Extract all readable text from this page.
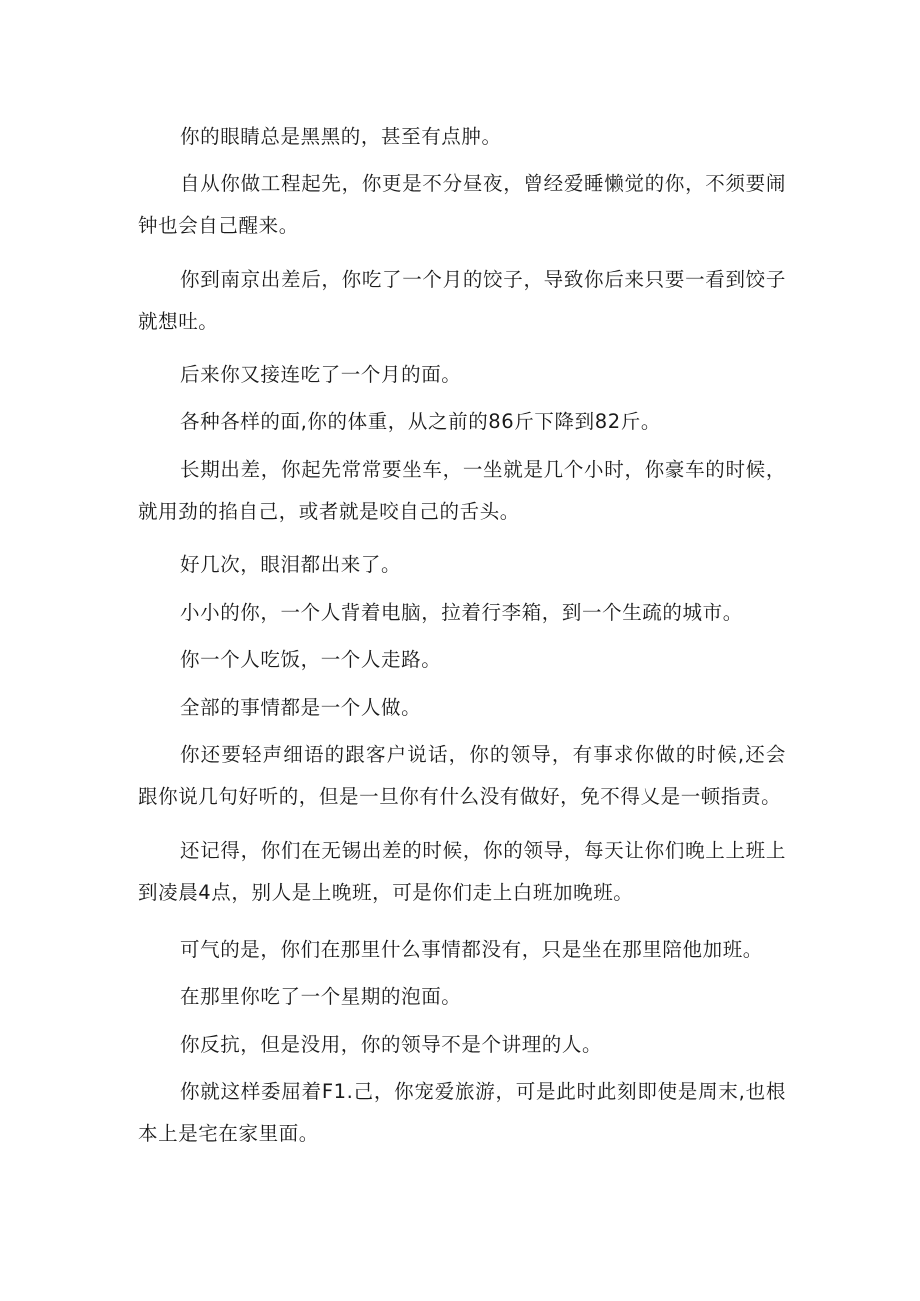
你的眼睛总是黑黑的，甚至有点肿。

自从你做工程起先，你更是不分昼夜，曾经爱睡懒觉的你，不须要闹钟也会自己醒来。

你到南京出差后，你吃了一个月的饺子，导致你后来只要一看到饺子就想吐。

后来你又接连吃了一个月的面。

各种各样的面,你的体重，从之前的86斤下降到82斤。

长期出差，你起先常常要坐车，一坐就是几个小时，你豪车的时候，就用劲的掐自己，或者就是咬自己的舌头。

好几次，眼泪都出来了。

小小的你，一个人背着电脑，拉着行李箱，到一个生疏的城市。

你一个人吃饭，一个人走路。

全部的事情都是一个人做。

你还要轻声细语的跟客户说话，你的领导，有事求你做的时候,还会跟你说几句好听的，但是一旦你有什么没有做好，免不得乂是一顿指责。

还记得，你们在无锡出差的时候，你的领导，每天让你们晚上上班上到凌晨4点，别人是上晚班，可是你们走上白班加晚班。

可气的是，你们在那里什么事情都没有，只是坐在那里陪他加班。

在那里你吃了一个星期的泡面。

你反抗，但是没用，你的领导不是个讲理的人。

你就这样委屈着F1.己，你宠爱旅游，可是此时此刻即使是周末,也根本上是宅在家里面。
